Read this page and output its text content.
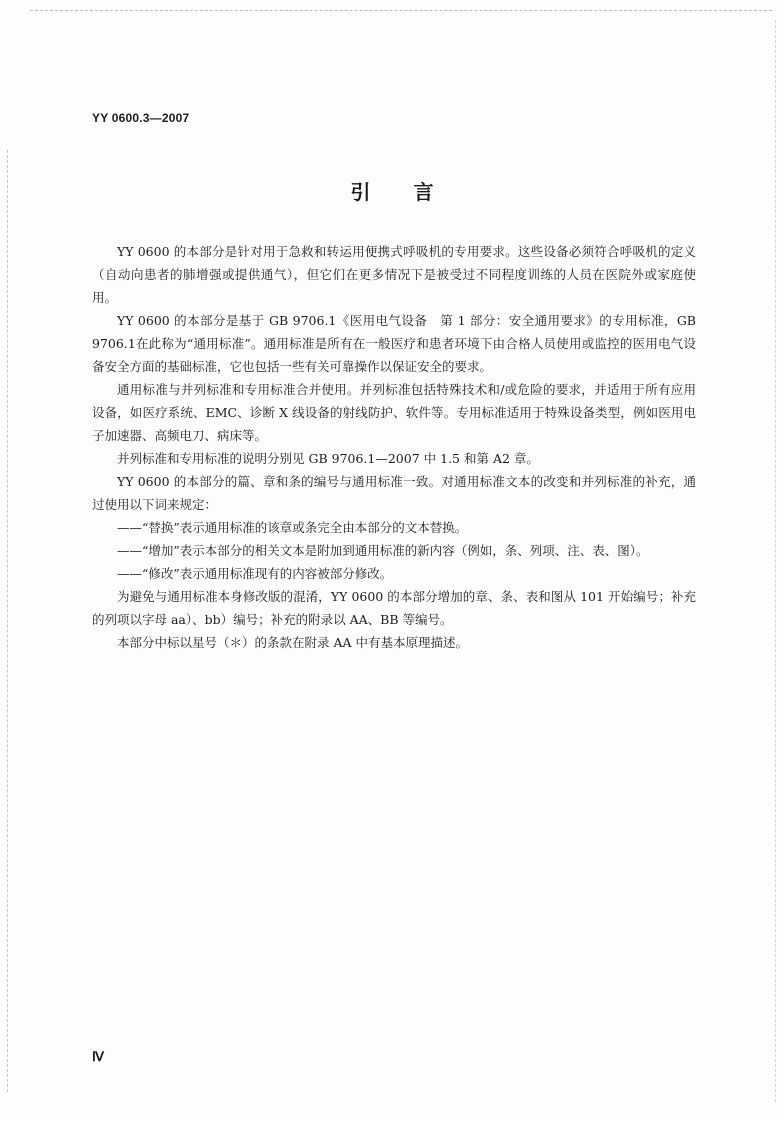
YY 0600.3—2007
引 言

YY 0600 的本部分是针对用于急救和转运用便携式呼吸机的专用要求。这些设备必须符合呼吸机的定义（自动向患者的肺增强或提供通气），但它们在更多情况下是被受过不同程度训练的人员在医院外或家庭使用。

YY 0600 的本部分是基于 GB 9706.1《医用电气设备　第 1 部分：安全通用要求》的专用标准，GB 9706.1在此称为“通用标准”。通用标准是所有在一般医疗和患者环境下由合格人员使用或监控的医用电气设备安全方面的基础标准，它也包括一些有关可靠操作以保证安全的要求。

通用标准与并列标准和专用标准合并使用。并列标准包括特殊技术和/或危险的要求，并适用于所有应用设备，如医疗系统、EMC、诊断 X 线设备的射线防护、软件等。专用标准适用于特殊设备类型，例如医用电子加速器、高频电刀、病床等。

并列标准和专用标准的说明分别见 GB 9706.1—2007 中 1.5 和第 A2 章。

YY 0600 的本部分的篇、章和条的编号与通用标准一致。对通用标准文本的改变和并列标准的补充，通过使用以下词来规定：

——“替换”表示通用标准的该章或条完全由本部分的文本替换。

——“增加”表示本部分的相关文本是附加到通用标准的新内容（例如，条、列项、注、表、图）。

——“修改”表示通用标准现有的内容被部分修改。

为避免与通用标准本身修改版的混淆，YY 0600 的本部分增加的章、条、表和图从 101 开始编号；补充的列项以字母 aa）、bb）编号；补充的附录以 AA、BB 等编号。

本部分中标以星号（＊）的条款在附录 AA 中有基本原理描述。

Ⅳ
